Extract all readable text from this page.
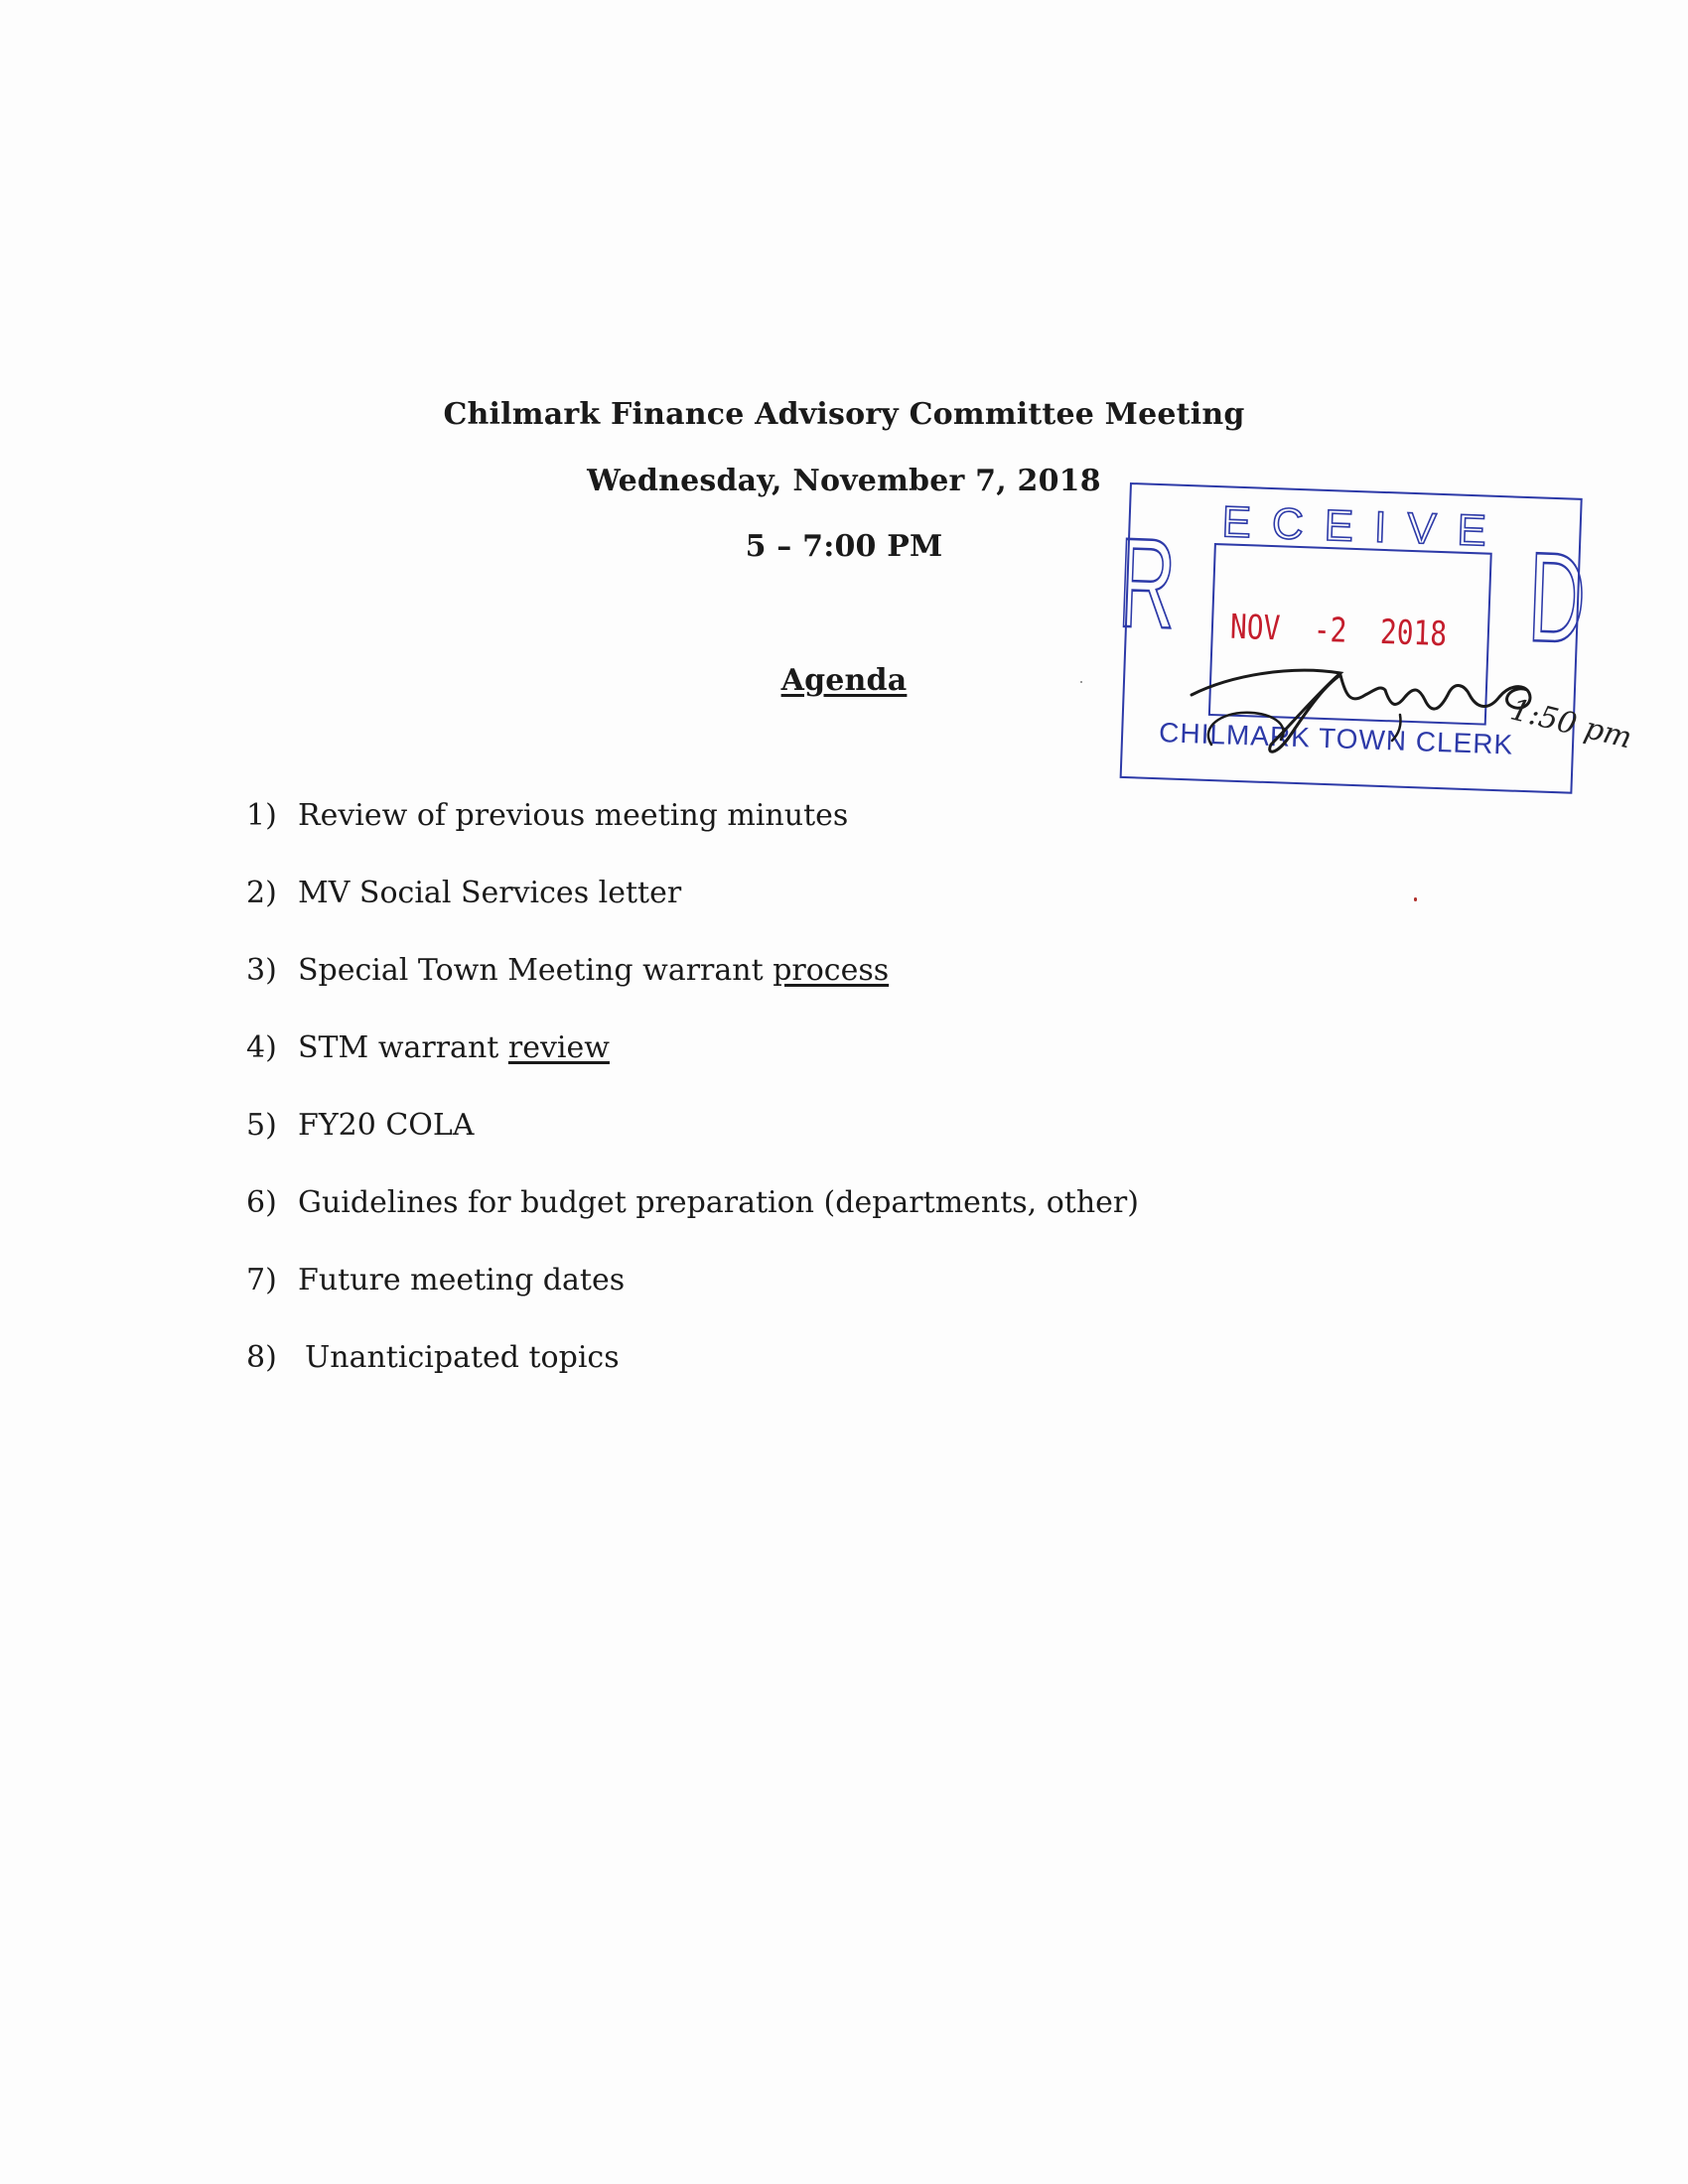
Chilmark Finance Advisory Committee Meeting
Wednesday, November 7, 2018
5 – 7:00 PM
Agenda
1) Review of previous meeting minutes
2) MV Social Services letter
3) Special Town Meeting warrant process
4) STM warrant review
5) FY20 COLA
6) Guidelines for budget preparation (departments, other)
7) Future meeting dates
8) Unanticipated topics
R ECEIVE D
NOV  -2  2018
CHILMARK TOWN CLERK
1:50 pm
